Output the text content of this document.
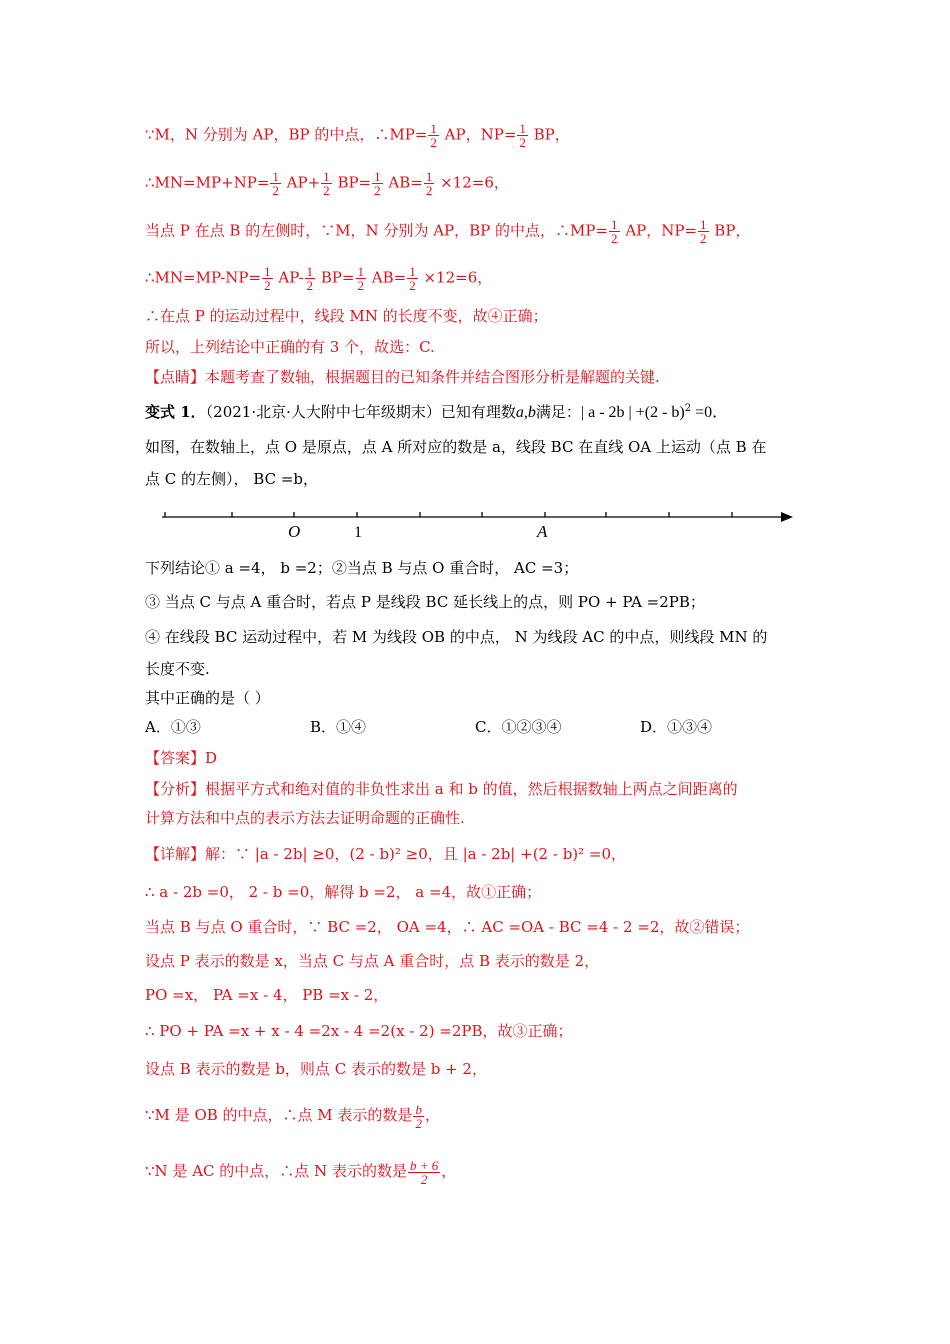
∵M，N 分别为 AP，BP 的中点，∴MP= $\frac{1}{2}$ AP，$NP= \frac{1}{2}$ BP，
∴MN=MP+NP= $\frac{1}{2} AP+ \frac{1}{2} BP= \frac{1}{2} AB= \frac{1}{2} \times 12=6$，
当点 P 在点 B 的左侧时，∵M，N 分别为 AP，BP 的中点，∴MP= $\frac{1}{2}$ AP，$NP= \frac{1}{2}$ BP，
∴MN=MP-NP= $\frac{1}{2} AP- \frac{1}{2} BP= \frac{1}{2} AB= \frac{1}{2} \times 12=6$，
∴在点 P 的运动过程中，线段 MN 的长度不变，故④正确；
所以，上列结论中正确的有 3 个，故选：C.
【点睛】本题考查了数轴，根据题目的已知条件并结合图形分析是解题的关键.
变式 1．（2021·北京·人大附中七年级期末）已知有理数a,b满足：| a - 2b | +(2 - b)$^2$ =0．
如图，在数轴上，点 O 是原点，点 A 所对应的数是 a，线段 BC 在直线 OA 上运动（点 B 在
点 C 的左侧）， BC =b，
O	1	A
下列结论① a =4， b =2；②当点 B 与点 O 重合时， AC =3；
③ 当点 C 与点 A 重合时，若点 P 是线段 BC 延长线上的点，则 PO + PA =2PB；
④ 在线段 BC 运动过程中，若 M 为线段 OB 的中点， N 为线段 AC 的中点，则线段 MN 的
长度不变.
其中正确的是（ ）
A．①③	B．①④	C．①②③④	D．①③④
【答案】D
【分析】根据平方式和绝对值的非负性求出 a 和 b 的值，然后根据数轴上两点之间距离的
计算方法和中点的表示方法去证明命题的正确性.
【详解】解：∵ |a - 2b| ≥0，(2 - b)² ≥0，且 |a - 2b| +(2 - b)² =0，
∴ a - 2b =0， 2 - b =0，解得 b =2， a =4，故①正确；
当点 B 与点 O 重合时，∵ BC =2， OA =4，∴ AC =OA - BC =4 - 2 =2，故②错误；
设点 P 表示的数是 x，当点 C 与点 A 重合时，点 B 表示的数是 2，
PO =x， PA =x - 4， PB =x - 2，
∴ PO + PA =x + x - 4 =2x - 4 =2(x - 2) =2PB，故③正确；
设点 B 表示的数是 b，则点 C 表示的数是 b + 2，
∵M 是 OB 的中点，∴点 M 表示的数是 $\frac{b}{2}$ ，
∵N 是 AC 的中点，∴点 N 表示的数是 $\frac{b + 6}{2}$ ，
